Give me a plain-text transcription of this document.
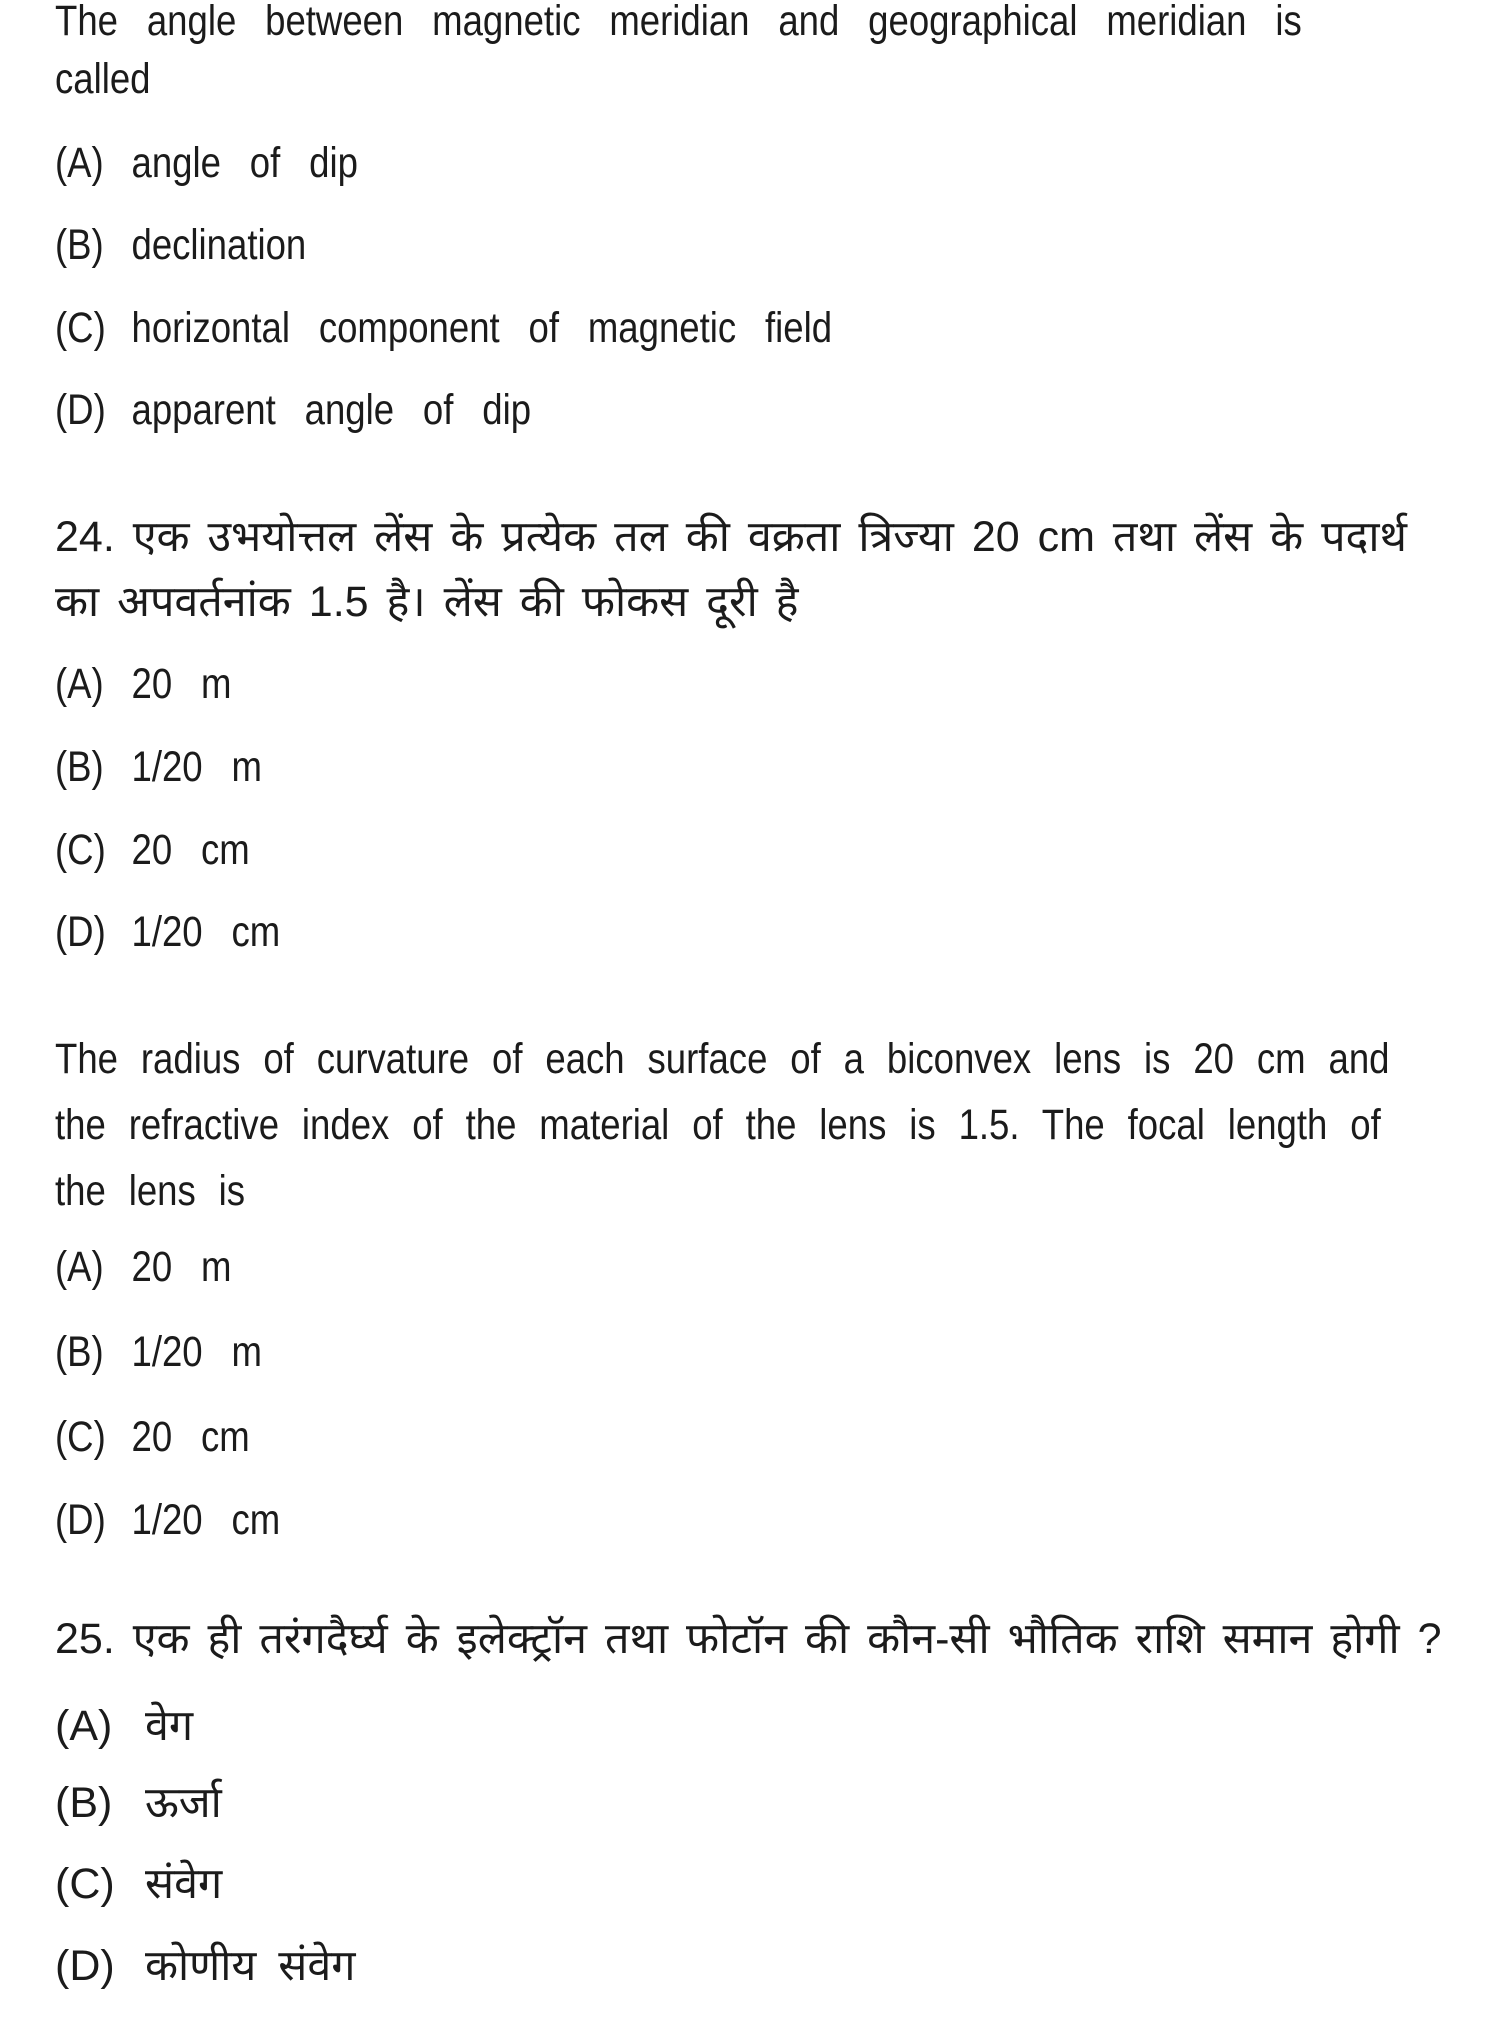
The angle between magnetic meridian and geographical meridian is
called
(A) angle of dip
(B) declination
(C) horizontal component of magnetic field
(D) apparent angle of dip
24. एक उभयोत्तल लेंस के प्रत्येक तल की वक्रता त्रिज्या 20 cm तथा लेंस के पदार्थ
का अपवर्तनांक 1.5 है। लेंस की फोकस दूरी है
(A) 20 m
(B) 1/20 m
(C) 20 cm
(D) 1/20 cm
The radius of curvature of each surface of a biconvex lens is 20 cm and
the refractive index of the material of the lens is 1.5. The focal length of
the lens is
(A) 20 m
(B) 1/20 m
(C) 20 cm
(D) 1/20 cm
25. एक ही तरंगदैर्घ्य के इलेक्ट्रॉन तथा फोटॉन की कौन-सी भौतिक राशि समान होगी ?
(A) वेग
(B) ऊर्जा
(C) संवेग
(D) कोणीय संवेग
